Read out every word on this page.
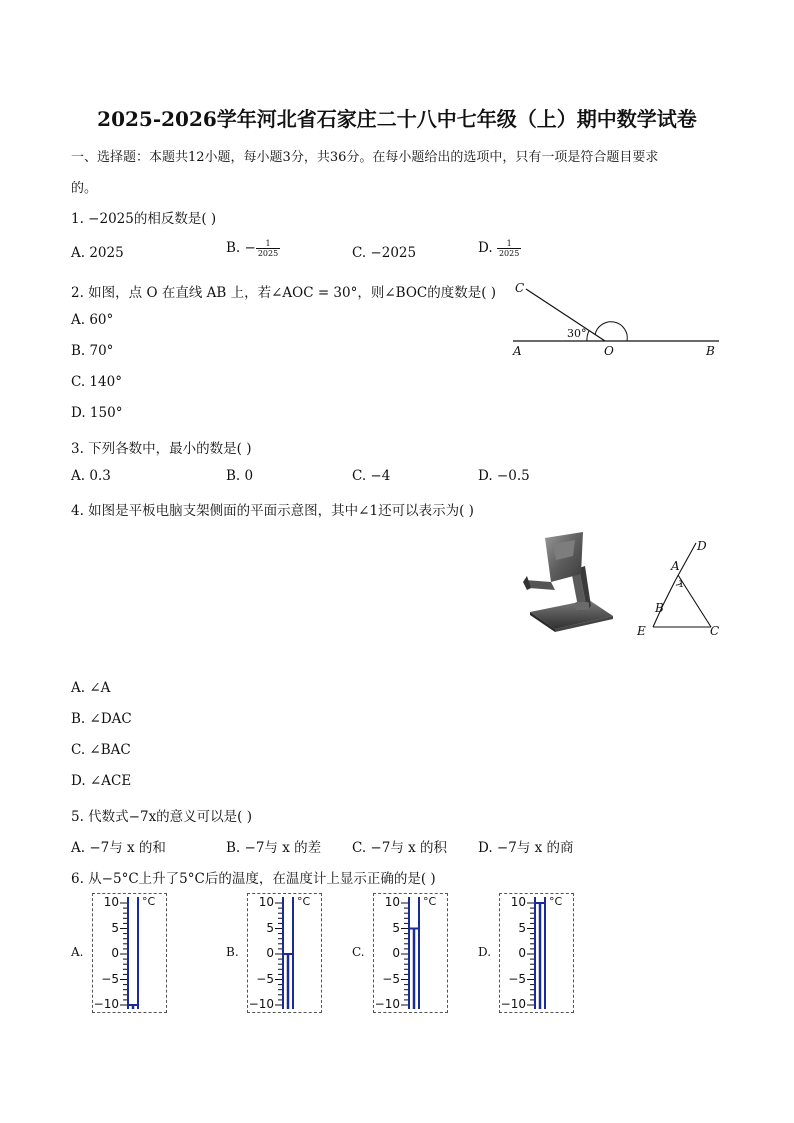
2025-2026学年河北省石家庄二十八中七年级（上）期中数学试卷
一、选择题：本题共12小题，每小题3分，共36分。在每小题给出的选项中，只有一项是符合题目要求
的。
1. −2025的相反数是( )
A. 2025	B. − $\frac{1}{2025}$	C. −2025	D. $\frac{1}{2025}$
2. 如图，点 O 在直线 AB 上，若∠AOC = 30°，则∠BOC的度数是( )
A. 60°
B. 70°
C. 140°
D. 150°
C
A	O	B
30°
3. 下列各数中，最小的数是( )
A. 0.3	B. 0	C. −4	D. −0.5
4. 如图是平板电脑支架侧面的平面示意图，其中∠1还可以表示为( )
D
A
1
B
E	C
A. ∠A
B. ∠DAC
C. ∠BAC
D. ∠ACE
5. 代数式−7x的意义可以是( )
A. −7与 x 的和	B. −7与 x 的差 C. −7与 x 的积 D. −7与 x 的商
6. 从−5°C上升了5°C后的温度，在温度计上显示正确的是( )
A.
10
5
0
−5
−10
°C
B.
10
5
0
−5
−10
°C
C.
10
5
0
−5
−10
°C
D.
10
5
0
−5
−10
°C
